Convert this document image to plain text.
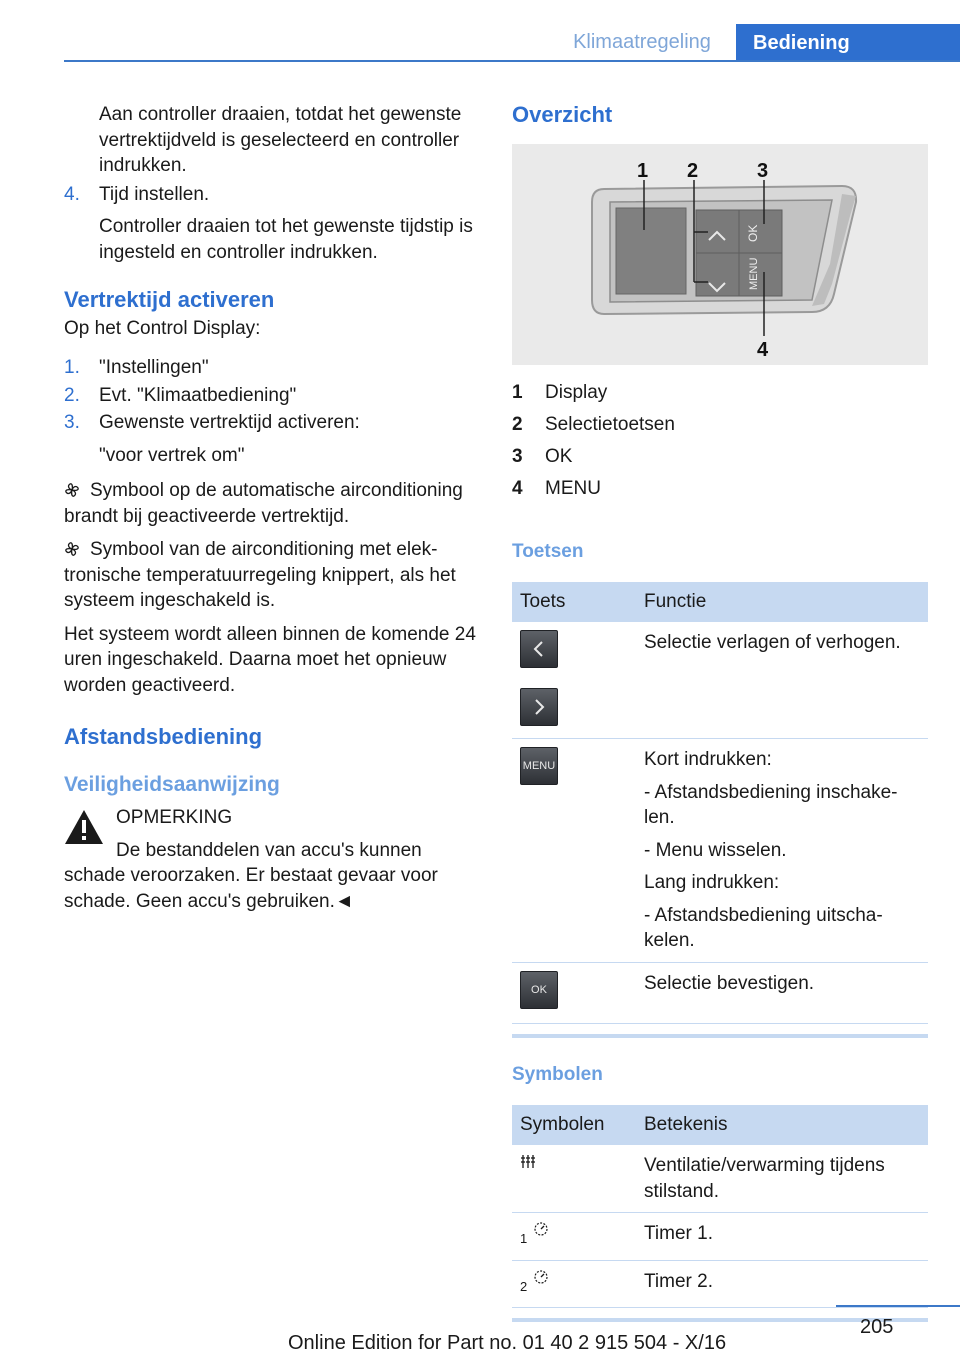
Klimaatregeling	Bediening

Aan controller draaien, totdat het gewenste vertrektijdveld is geselecteerd en controller indrukken.

4.	Tijd instellen.

Controller draaien tot het gewenste tijdstip is ingesteld en controller indrukken.

Vertrektijd activeren

Op het Control Display:

1.	"Instellingen"
2.	Evt. "Klimaatbediening"
3.	Gewenste vertrektijd activeren:

"voor vertrek om"

Symbool op de automatische airconditioning brandt bij geactiveerde vertrektijd.

Symbool van de airconditioning met elektronische temperatuurregeling knippert, als het systeem ingeschakeld is.

Het systeem wordt alleen binnen de komende 24 uren ingeschakeld. Daarna moet het opnieuw worden geactiveerd.

Afstandsbediening
Veiligheidsaanwijzing

OPMERKING

De bestanddelen van accu's kunnen schade veroorzaken. Er bestaat gevaar voor schade. Geen accu's gebruiken.◄

Overzicht
OK
MENU
1 2	3
4
1	Display
2	Selectietoetsen
3	OK
4	MENU
Toetsen
Toets	Functie

	Selectie verlagen of verhogen.

MENU	Kort indrukken:

- Afstandsbediening inschakelen.

- Menu wisselen.

Lang indrukken:

- Afstandsbediening uitschakelen.

OK	Selectie bevestigen.
Symbolen
Symbolen	Betekenis
	Ventilatie/verwarming tijdens stilstand.
$_1$	Timer 1.
$_2$	Timer 2.
205
Online Edition for Part no. 01 40 2 915 504 - X/16
